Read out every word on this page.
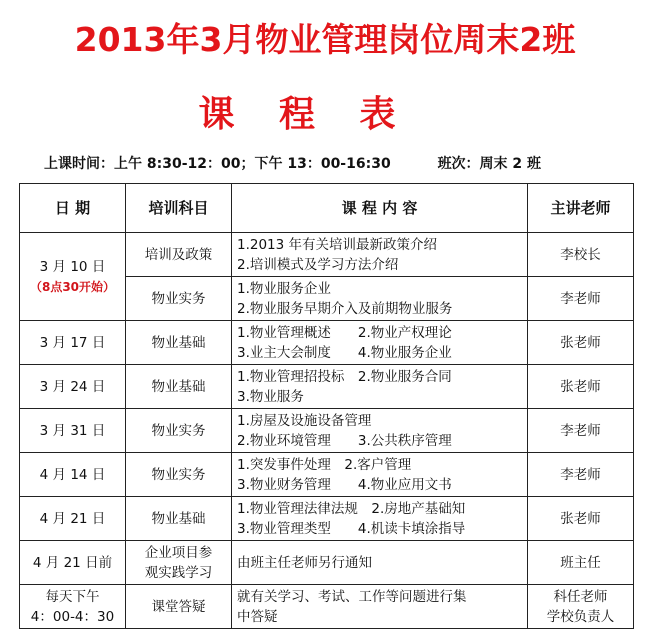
2013年3月物业管理岗位周末2班
课 程 表
上课时间：上午 8:30-12：00；下午 13：00-16:30	班次：周末 2 班
日 期	培训科目	课 程 内 容	主讲老师

3 月 10 日
（8点30开始）	培训及政策	1.2013 年有关培训最新政策介绍
2.培训模式及学习方法介绍	李校长
	物业实务	1.物业服务企业
2.物业服务早期介入及前期物业服务	李老师
3 月 17 日	物业基础	1.物业管理概述　　2.物业产权理论
3.业主大会制度　　4.物业服务企业	张老师
3 月 24 日	物业基础	1.物业管理招投标　2.物业服务合同
3.物业服务	张老师
3 月 31 日	物业实务	1.房屋及设施设备管理
2.物业环境管理　　3.公共秩序管理	李老师
4 月 14 日	物业实务	1.突发事件处理　2.客户管理
3.物业财务管理　　4.物业应用文书	李老师
4 月 21 日	物业基础	1.物业管理法律法规　2.房地产基础知
3.物业管理类型　　4.机读卡填涂指导	张老师
4 月 21 日前	企业项目参
观实践学习	由班主任老师另行通知	班主任

每天下午
4：00-4：30	课堂答疑	就有关学习、考试、工作等问题进行集
中答疑	科任老师
学校负责人
